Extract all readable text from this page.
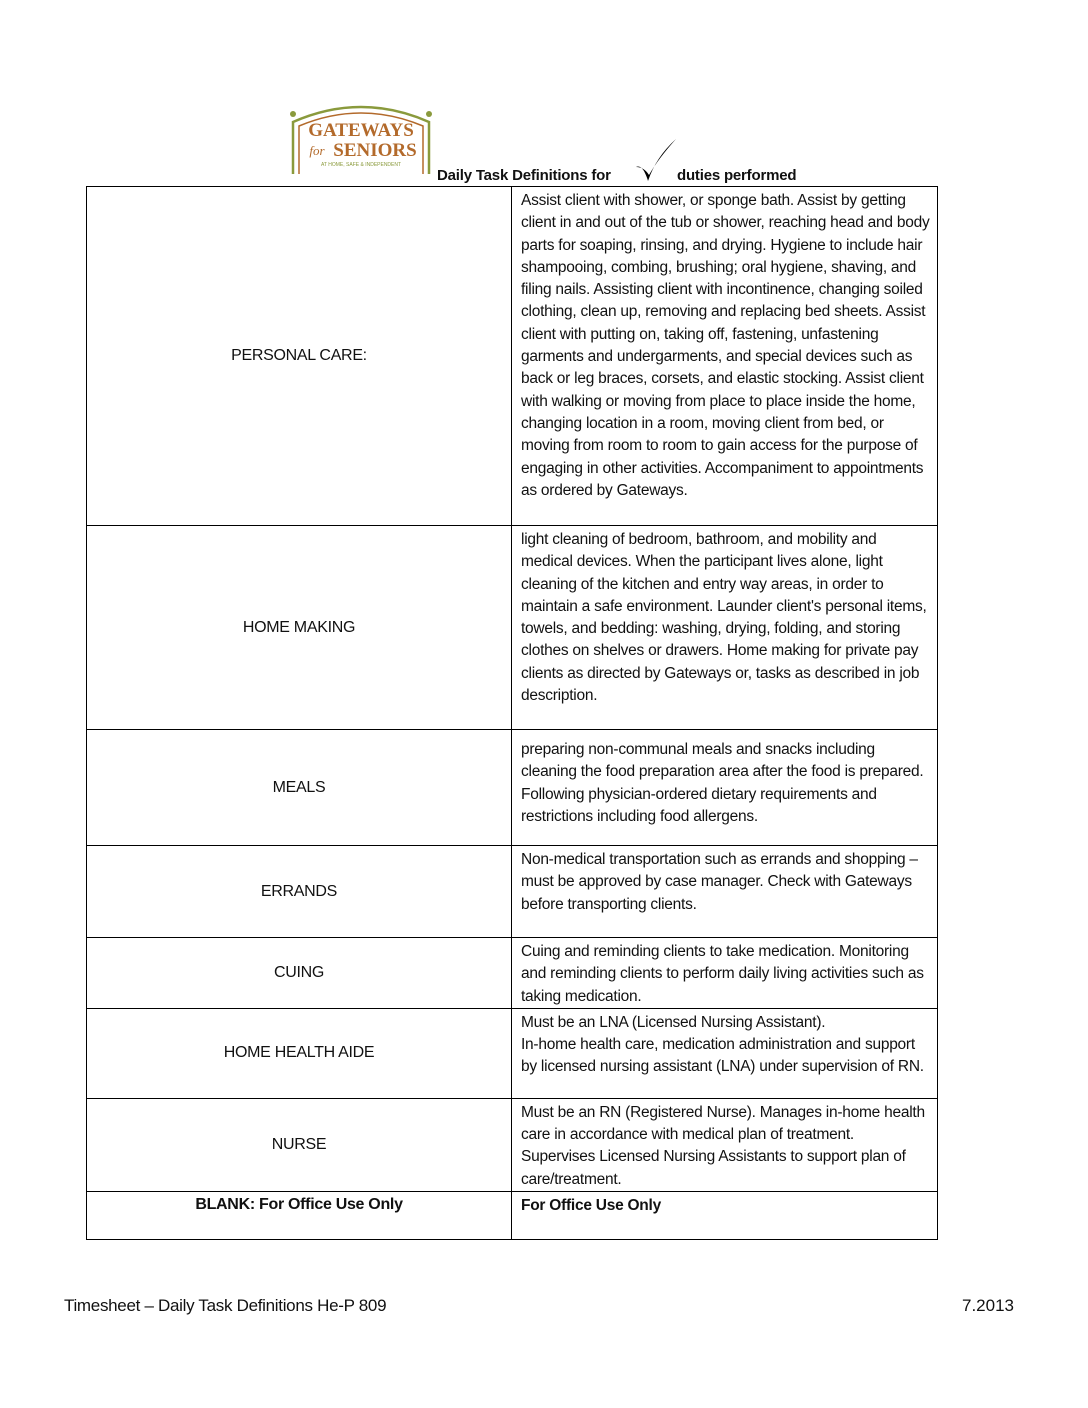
GATEWAYS
for SENIORS
AT HOME, SAFE & INDEPENDENT
Daily Task Definitions for	duties performed
PERSONAL CARE:	Assist client with shower, or sponge bath. Assist by getting client in and out of the tub or shower, reaching head and body parts for soaping, rinsing, and drying. Hygiene to include hair shampooing, combing, brushing; oral hygiene, shaving, and filing nails. Assisting client with incontinence, changing soiled clothing, clean up, removing and replacing bed sheets. Assist client with putting on, taking off, fastening, unfastening garments and undergarments, and special devices such as back or leg braces, corsets, and elastic stocking. Assist client with walking or moving from place to place inside the home, changing location in a room, moving client from bed, or moving from room to room to gain access for the purpose of engaging in other activities. Accompaniment to appointments as ordered by Gateways.
HOME MAKING	light cleaning of bedroom, bathroom, and mobility and medical devices. When the participant lives alone, light cleaning of the kitchen and entry way areas, in order to maintain a safe environment. Launder client's personal items, towels, and bedding: washing, drying, folding, and storing clothes on shelves or drawers. Home making for private pay clients as directed by Gateways or, tasks as described in job description.
MEALS	preparing non-communal meals and snacks including cleaning the food preparation area after the food is prepared. Following physician-ordered dietary requirements and restrictions including food allergens.
ERRANDS	Non-medical transportation such as errands and shopping – must be approved by case manager. Check with Gateways before transporting clients.
CUING	Cuing and reminding clients to take medication. Monitoring and reminding clients to perform daily living activities such as taking medication.
HOME HEALTH AIDE	Must be an LNA (Licensed Nursing Assistant).
In-home health care, medication administration and support by licensed nursing assistant (LNA) under supervision of RN.
NURSE	Must be an RN (Registered Nurse). Manages in-home health care in accordance with medical plan of treatment. Supervises Licensed Nursing Assistants to support plan of care/treatment.
BLANK: For Office Use Only	For Office Use Only
Timesheet – Daily Task Definitions He-P 809	7.2013
